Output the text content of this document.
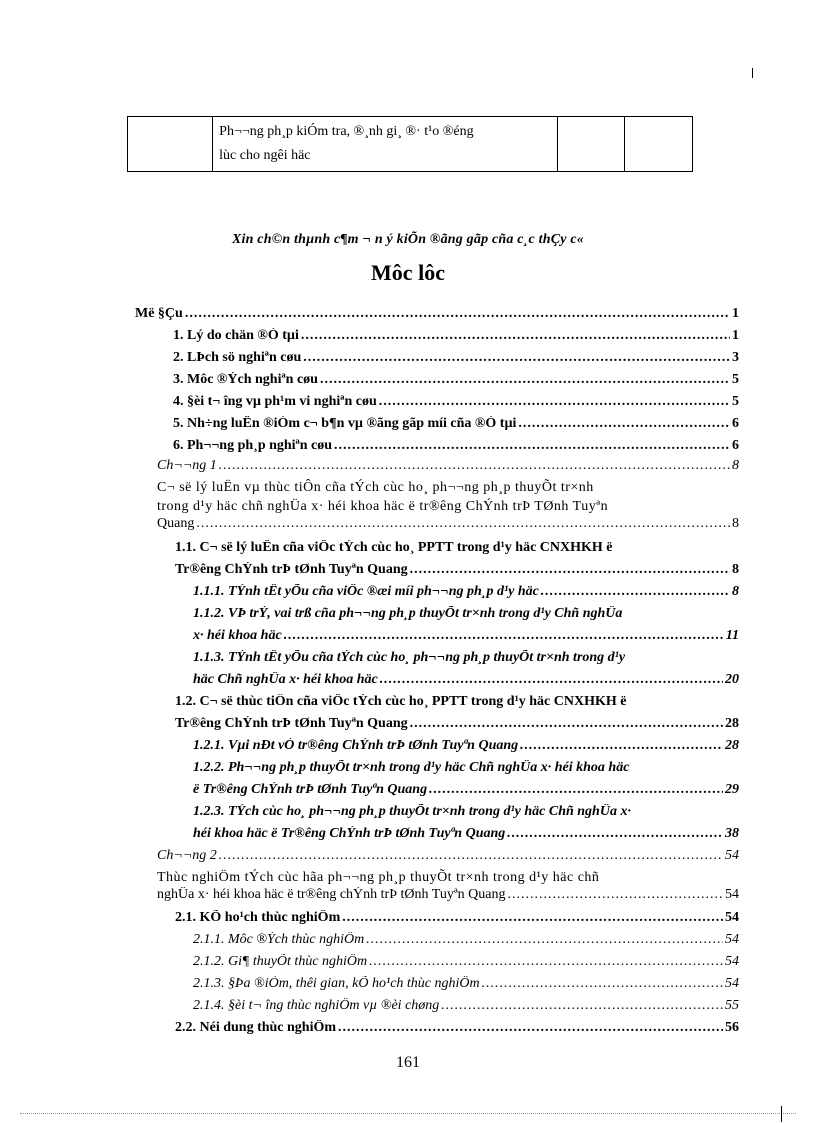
Ph¬¬ng ph¸p kiÓm tra, ®¸nh gi¸ ®· t¹o ®éng
lùc cho ngêi häc

Xin ch©n thµnh c¶m ¬ n ý kiÕn ®ãng gãp cña c¸c thÇy c«
Môc lôc
Më §Çu .....	1
1. Lý do chän ®Ò tµi .....	1
2. LÞch sö nghiªn cøu .....	3
3. Môc ®Ých nghiªn cøu .....	5
4. §èi t¬ îng vµ ph¹m vi nghiªn cøu .....	5
5. Nh÷ng luËn ®iÓm c¬ b¶n vµ ®ãng gãp míi cña ®Ò tµi .....	6
6. Ph¬¬ng ph¸p nghiªn cøu .....	6
Ch¬¬ng 1 .....	8
C¬ së lý luËn vµ thùc tiÔn cña tÝch cùc ho¸ ph¬¬ng ph¸p thuyÕt tr×nh
trong d¹y häc chñ nghÜa x· héi khoa häc ë tr®êng ChÝnh trÞ TØnh Tuyªn
Quang .....	8
1.1. C¬ së lý luËn cña viÖc tÝch cùc ho¸ PPTT trong d¹y häc CNXHKH ë
Tr®êng ChÝnh trÞ tØnh Tuyªn Quang .....	8
1.1.1. TÝnh tÊt yÕu cña viÖc ®æi míi ph¬¬ng ph¸p d¹y häc .....	8
1.1.2. VÞ trÝ, vai trß cña ph¬¬ng ph¸p thuyÕt tr×nh trong d¹y Chñ nghÜa
x· héi khoa häc .....	11
1.1.3. TÝnh tÊt yÕu cña tÝch cùc ho¸ ph¬¬ng ph¸p thuyÕt tr×nh trong d¹y
häc Chñ nghÜa x· héi khoa häc .....	20
1.2. C¬ së thùc tiÔn cña viÖc tÝch cùc ho¸ PPTT trong d¹y häc CNXHKH ë
Tr®êng ChÝnh trÞ tØnh Tuyªn Quang .....	28
1.2.1. Vµi nÐt vÒ tr®êng ChÝnh trÞ tØnh Tuyªn Quang .....	28
1.2.2. Ph¬¬ng ph¸p thuyÕt tr×nh trong d¹y häc Chñ nghÜa x· héi khoa häc
ë Tr®êng ChÝnh trÞ tØnh Tuyªn Quang .....	29
1.2.3. TÝch cùc ho¸ ph¬¬ng ph¸p thuyÕt tr×nh trong d¹y häc Chñ nghÜa x·
héi khoa häc ë Tr®êng ChÝnh trÞ tØnh Tuyªn Quang .....	38
Ch¬¬ng 2 .....	54
Thùc nghiÖm tÝch cùc hãa ph¬¬ng ph¸p thuyÕt tr×nh trong d¹y häc chñ
nghÜa x· héi khoa häc ë tr®êng chÝnh trÞ tØnh Tuyªn Quang .....	54
2.1. KÕ ho¹ch thùc nghiÖm .....	54
2.1.1. Môc ®Ých thùc nghiÖm .....	54
2.1.2. Gi¶ thuyÕt thùc nghiÖm .....	54
2.1.3. §Þa ®iÓm, thêi gian, kÕ ho¹ch thùc nghiÖm .....	54
2.1.4. §èi t¬ îng thùc nghiÖm vµ ®èi chøng .....	55
2.2. Néi dung thùc nghiÖm .....	56
161
